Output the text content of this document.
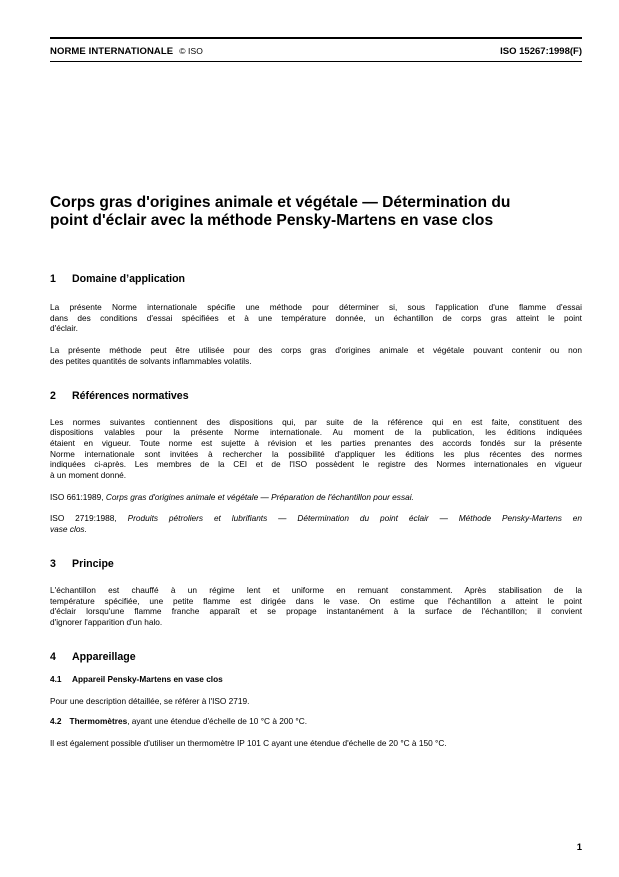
NORME INTERNATIONALE © ISO	ISO 15267:1998(F)
Corps gras d'origines animale et végétale — Détermination du
point d'éclair avec la méthode Pensky-Martens en vase clos
1	Domaine d’application

La présente Norme internationale spécifie une méthode pour déterminer si, sous l'application d'une flamme d'essai
dans des conditions d'essai spécifiées et à une température donnée, un échantillon de corps gras atteint le point
d'éclair.

La présente méthode peut être utilisée pour des corps gras d'origines animale et végétale pouvant contenir ou non
des petites quantités de solvants inflammables volatils.

2	Références normatives

Les normes suivantes contiennent des dispositions qui, par suite de la référence qui en est faite, constituent des
dispositions valables pour la présente Norme internationale. Au moment de la publication, les éditions indiquées
étaient en vigueur. Toute norme est sujette à révision et les parties prenantes des accords fondés sur la présente
Norme internationale sont invitées à rechercher la possibilité d'appliquer les éditions les plus récentes des normes
indiquées ci-après. Les membres de la CEI et de l'ISO possèdent le registre des Normes internationales en vigueur
à un moment donné.

ISO 661:1989, Corps gras d'origines animale et végétale — Préparation de l'échantillon pour essai.

ISO 2719:1988, Produits pétroliers et lubrifiants — Détermination du point éclair — Méthode Pensky-Martens en
vase clos.

3	Principe

L'échantillon est chauffé à un régime lent et uniforme en remuant constamment. Après stabilisation de la
température spécifiée, une petite flamme est dirigée dans le vase. On estime que l'échantillon a atteint le point
d'éclair lorsqu'une flamme franche apparaît et se propage instantanément à la surface de l'échantillon; il convient
d'ignorer l'apparition d'un halo.

4	Appareillage
4.1	Appareil Pensky-Martens en vase clos

Pour une description détaillée, se référer à l'ISO 2719.

4.2 Thermomètres, ayant une étendue d'échelle de 10 °C à 200 °C.

Il est également possible d'utiliser un thermomètre IP 101 C ayant une étendue d'échelle de 20 °C à 150 °C.

1
